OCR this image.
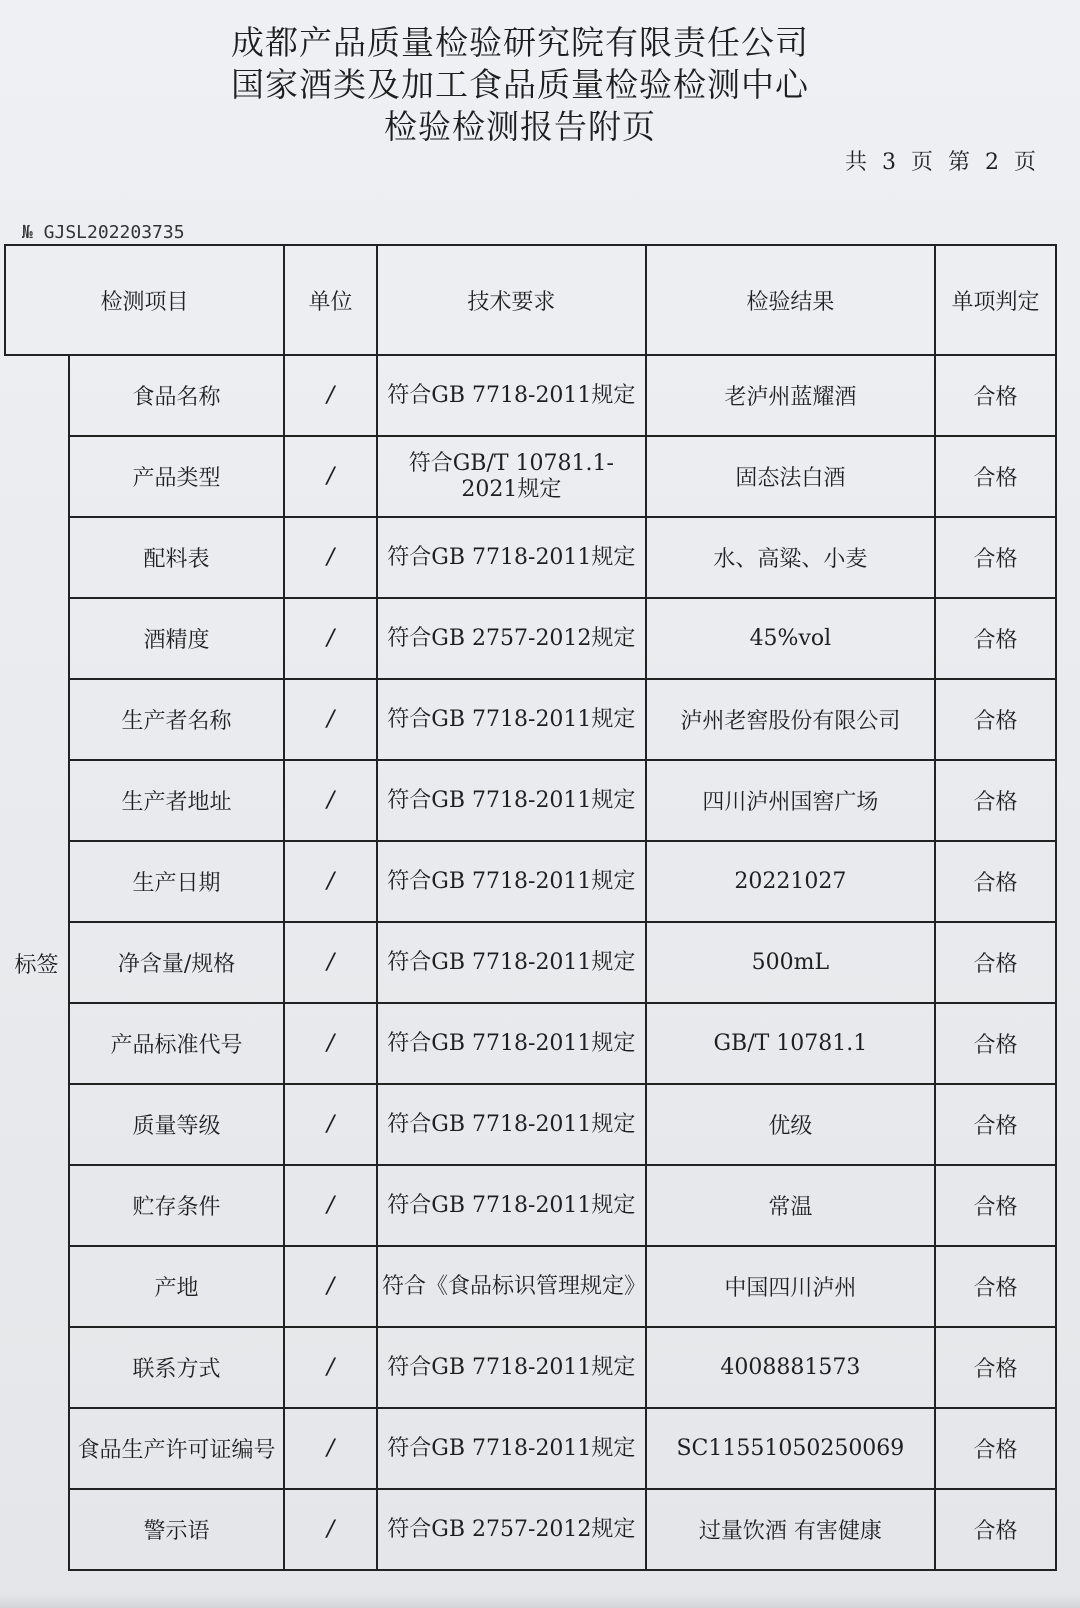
成都产品质量检验研究院有限责任公司
国家酒类及加工食品质量检验检测中心
检验检测报告附页
共 3 页 第 2 页
№ GJSL202203735
检测项目		单位	技术要求	检验结果	单项判定
标签	食品名称	/	符合GB 7718-2011规定	老泸州蓝耀酒	合格
	产品类型	/	符合GB/T 10781.1-2021规定	固态法白酒	合格
	配料表	/	符合GB 7718-2011规定	水、高粱、小麦	合格
	酒精度	/	符合GB 2757-2012规定	45%vol	合格
	生产者名称	/	符合GB 7718-2011规定	泸州老窖股份有限公司	合格
	生产者地址	/	符合GB 7718-2011规定	四川泸州国窖广场	合格
	生产日期	/	符合GB 7718-2011规定	20221027	合格
	净含量/规格	/	符合GB 7718-2011规定	500mL	合格
	产品标准代号	/	符合GB 7718-2011规定	GB/T 10781.1	合格
	质量等级	/	符合GB 7718-2011规定	优级	合格
	贮存条件	/	符合GB 7718-2011规定	常温	合格
	产地	/	符合《食品标识管理规定》	中国四川泸州	合格
	联系方式	/	符合GB 7718-2011规定	4008881573	合格
	食品生产许可证编号	/	符合GB 7718-2011规定	SC11551050250069	合格
	警示语	/	符合GB 2757-2012规定	过量饮酒 有害健康	合格
